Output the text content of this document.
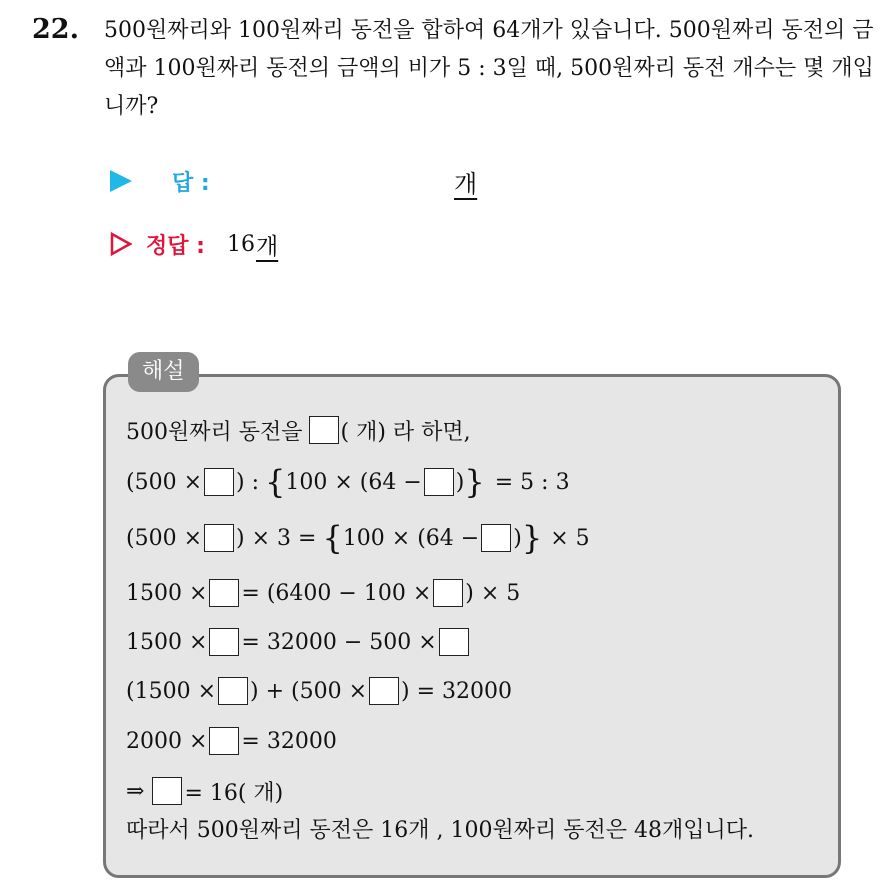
22. 500원짜리와 100원짜리 동전을 합하여 64개가 있습니다. 500원짜리 동전의 금액과 100원짜리 동전의 금액의 비가 5 : 3일 때, 500원짜리 동전 개수는 몇 개입니까?
답 :	개
정답 : 16 개
해설
500원짜리 동전을 ( 개) 라 하면,
(500 × ) : { 100 × (64 − ) } = 5 : 3
(500 × ) × 3 = { 100 × (64 − ) } × 5
1500 × = (6400 − 100 × ) × 5
1500 × = 32000 − 500 ×
(1500 × ) + (500 × ) = 32000
2000 × = 32000
⇒ = 16( 개)
따라서 500원짜리 동전은 16개 , 100원짜리 동전은 48개입니다.
